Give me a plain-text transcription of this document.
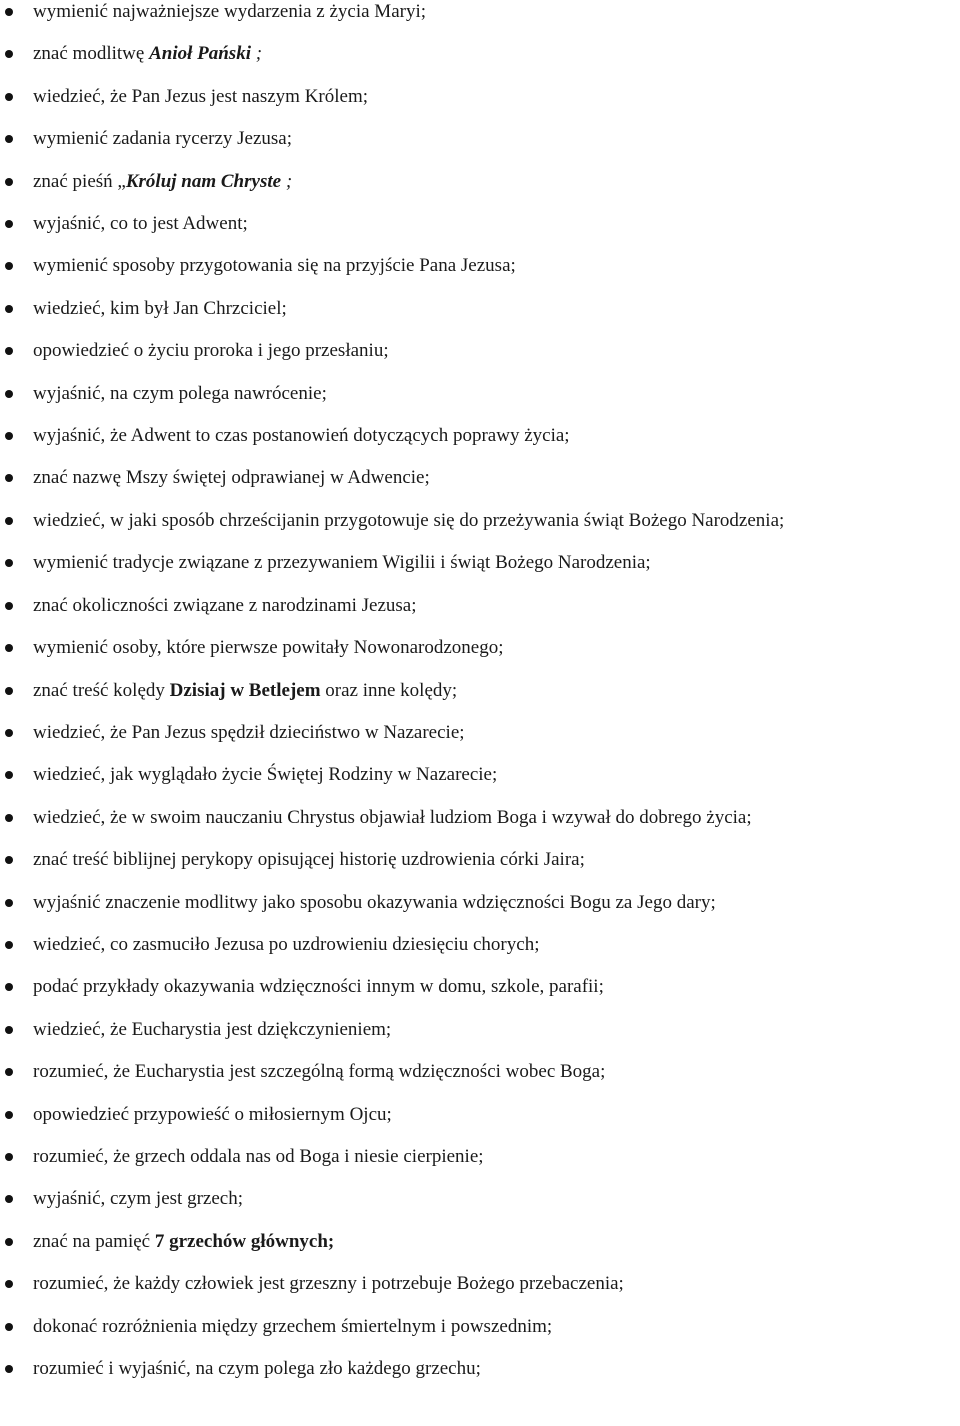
wymienić najważniejsze wydarzenia z życia Maryi;
znać modlitwę Anioł Pański ;
wiedzieć, że Pan Jezus jest naszym Królem;
wymienić zadania rycerzy Jezusa;
znać pieśń „Króluj nam Chryste ;
wyjaśnić, co to jest Adwent;
wymienić sposoby przygotowania się na przyjście Pana Jezusa;
wiedzieć, kim był Jan Chrzciciel;
opowiedzieć o życiu proroka i jego przesłaniu;
wyjaśnić, na czym polega nawrócenie;
wyjaśnić, że Adwent to czas postanowień dotyczących poprawy życia;
znać nazwę Mszy świętej odprawianej w Adwencie;
wiedzieć, w jaki sposób chrześcijanin przygotowuje się do przeżywania świąt Bożego Narodzenia;
wymienić tradycje związane z przezywaniem Wigilii i świąt Bożego Narodzenia;
znać okoliczności związane z narodzinami Jezusa;
wymienić osoby, które pierwsze powitały Nowonarodzonego;
znać treść kolędy Dzisiaj w Betlejem oraz inne kolędy;
wiedzieć, że Pan Jezus spędził dzieciństwo w Nazarecie;
wiedzieć, jak wyglądało życie Świętej Rodziny w Nazarecie;
wiedzieć, że w swoim nauczaniu Chrystus objawiał ludziom Boga i wzywał do dobrego życia;
znać treść biblijnej perykopy opisującej historię uzdrowienia córki Jaira;
wyjaśnić znaczenie modlitwy jako sposobu okazywania wdzięczności Bogu za Jego dary;
wiedzieć, co zasmuciło Jezusa po uzdrowieniu dziesięciu chorych;
podać przykłady okazywania wdzięczności innym w domu, szkole, parafii;
wiedzieć, że Eucharystia jest dziękczynieniem;
rozumieć, że Eucharystia jest szczególną formą wdzięczności wobec Boga;
opowiedzieć przypowieść o miłosiernym Ojcu;
rozumieć, że grzech oddala nas od Boga i niesie cierpienie;
wyjaśnić, czym jest grzech;
znać na pamięć 7 grzechów głównych;
rozumieć, że każdy człowiek jest grzeszny i potrzebuje Bożego przebaczenia;
dokonać rozróżnienia między grzechem śmiertelnym i powszednim;
rozumieć i wyjaśnić, na czym polega zło każdego grzechu;
